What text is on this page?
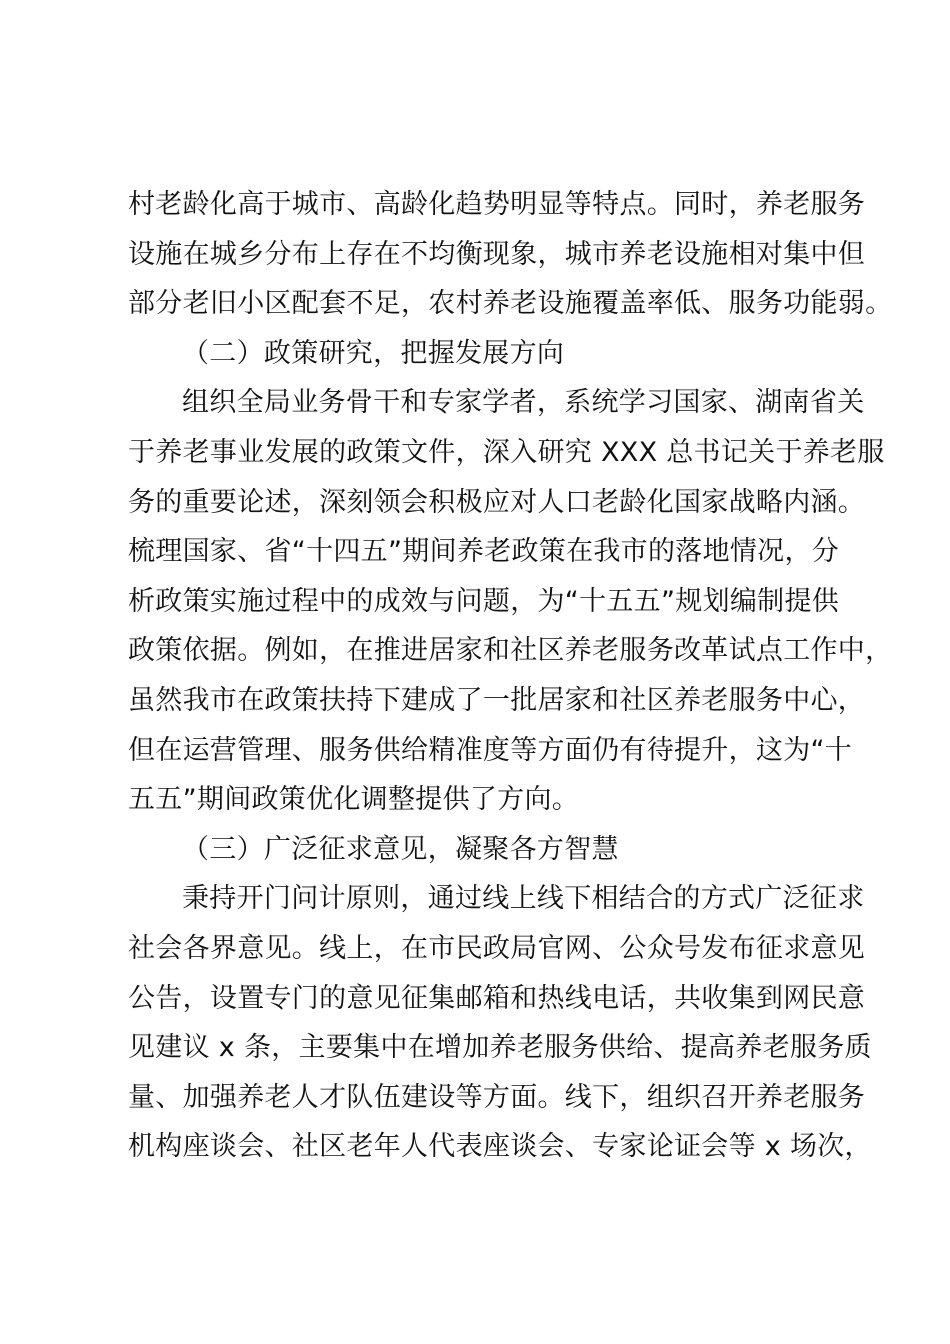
村老龄化高于城市、高龄化趋势明显等特点。同时，养老服务
设施在城乡分布上存在不均衡现象，城市养老设施相对集中但
部分老旧小区配套不足，农村养老设施覆盖率低、服务功能弱。
（二）政策研究，把握发展方向
组织全局业务骨干和专家学者，系统学习国家、湖南省关
于养老事业发展的政策文件，深入研究 XXX 总书记关于养老服
务的重要论述，深刻领会积极应对人口老龄化国家战略内涵。
梳理国家、省“十四五”期间养老政策在我市的落地情况，分
析政策实施过程中的成效与问题，为“十五五”规划编制提供
政策依据。例如，在推进居家和社区养老服务改革试点工作中，
虽然我市在政策扶持下建成了一批居家和社区养老服务中心，
但在运营管理、服务供给精准度等方面仍有待提升，这为“十
五五”期间政策优化调整提供了方向。
（三）广泛征求意见，凝聚各方智慧
秉持开门问计原则，通过线上线下相结合的方式广泛征求
社会各界意见。线上，在市民政局官网、公众号发布征求意见
公告，设置专门的意见征集邮箱和热线电话，共收集到网民意
见建议 x 条，主要集中在增加养老服务供给、提高养老服务质
量、加强养老人才队伍建设等方面。线下，组织召开养老服务
机构座谈会、社区老年人代表座谈会、专家论证会等 x 场次，
